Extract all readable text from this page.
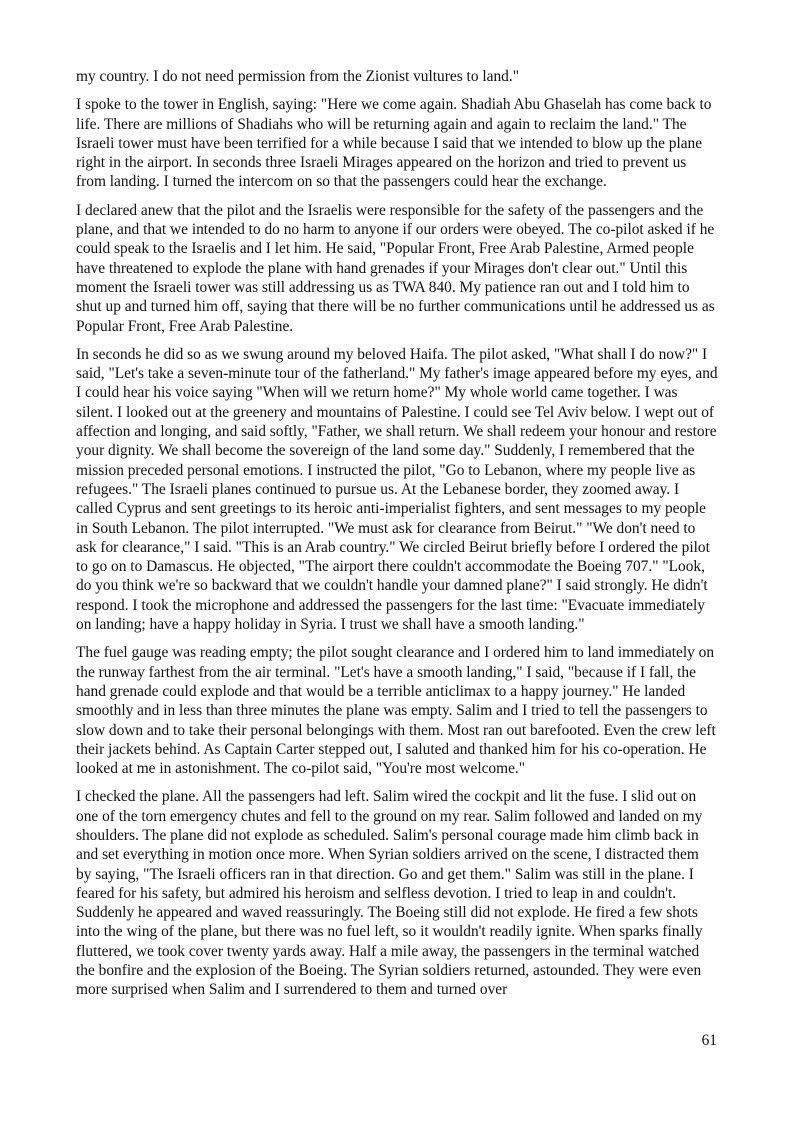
my country. I do not need permission from the Zionist vultures to land."

I spoke to the tower in English, saying: "Here we come again. Shadiah Abu Ghaselah has come back to life. There are millions of Shadiahs who will be returning again and again to reclaim the land." The Israeli tower must have been terrified for a while because I said that we intended to blow up the plane right in the airport. In seconds three Israeli Mirages appeared on the horizon and tried to prevent us from landing. I turned the intercom on so that the passengers could hear the exchange.

I declared anew that the pilot and the Israelis were responsible for the safety of the passengers and the plane, and that we intended to do no harm to anyone if our orders were obeyed. The co-pilot asked if he could speak to the Israelis and I let him. He said, "Popular Front, Free Arab Palestine, Armed people have threatened to explode the plane with hand grenades if your Mirages don't clear out." Until this moment the Israeli tower was still addressing us as TWA 840. My patience ran out and I told him to shut up and turned him off, saying that there will be no further communications until he addressed us as Popular Front, Free Arab Palestine.

In seconds he did so as we swung around my beloved Haifa. The pilot asked, "What shall I do now?" I said, "Let's take a seven-minute tour of the fatherland." My father's image appeared before my eyes, and I could hear his voice saying "When will we return home?" My whole world came together. I was silent. I looked out at the greenery and mountains of Palestine. I could see Tel Aviv below. I wept out of affection and longing, and said softly, "Father, we shall return. We shall redeem your honour and restore your dignity. We shall become the sovereign of the land some day." Suddenly, I remembered that the mission preceded personal emotions. I instructed the pilot, "Go to Lebanon, where my people live as refugees." The Israeli planes continued to pursue us. At the Lebanese border, they zoomed away. I called Cyprus and sent greetings to its heroic anti-imperialist fighters, and sent messages to my people in South Lebanon. The pilot interrupted. "We must ask for clearance from Beirut." "We don't need to ask for clearance," I said. "This is an Arab country." We circled Beirut briefly before I ordered the pilot to go on to Damascus. He objected, "The airport there couldn't accommodate the Boeing 707." "Look, do you think we're so backward that we couldn't handle your damned plane?" I said strongly. He didn't respond. I took the microphone and addressed the passengers for the last time: "Evacuate immediately on landing; have a happy holiday in Syria. I trust we shall have a smooth landing."

The fuel gauge was reading empty; the pilot sought clearance and I ordered him to land immediately on the runway farthest from the air terminal. "Let's have a smooth landing," I said, "because if I fall, the hand grenade could explode and that would be a terrible anticlimax to a happy journey." He landed smoothly and in less than three minutes the plane was empty. Salim and I tried to tell the passengers to slow down and to take their personal belongings with them. Most ran out barefooted. Even the crew left their jackets behind. As Captain Carter stepped out, I saluted and thanked him for his co-operation. He looked at me in astonishment. The co-pilot said, "You're most welcome."

I checked the plane. All the passengers had left. Salim wired the cockpit and lit the fuse. I slid out on one of the torn emergency chutes and fell to the ground on my rear. Salim followed and landed on my shoulders. The plane did not explode as scheduled. Salim's personal courage made him climb back in and set everything in motion once more. When Syrian soldiers arrived on the scene, I distracted them by saying, "The Israeli officers ran in that direction. Go and get them." Salim was still in the plane. I feared for his safety, but admired his heroism and selfless devotion. I tried to leap in and couldn't. Suddenly he appeared and waved reassuringly. The Boeing still did not explode. He fired a few shots into the wing of the plane, but there was no fuel left, so it wouldn't readily ignite. When sparks finally fluttered, we took cover twenty yards away. Half a mile away, the passengers in the terminal watched the bonfire and the explosion of the Boeing. The Syrian soldiers returned, astounded. They were even more surprised when Salim and I surrendered to them and turned over

61
